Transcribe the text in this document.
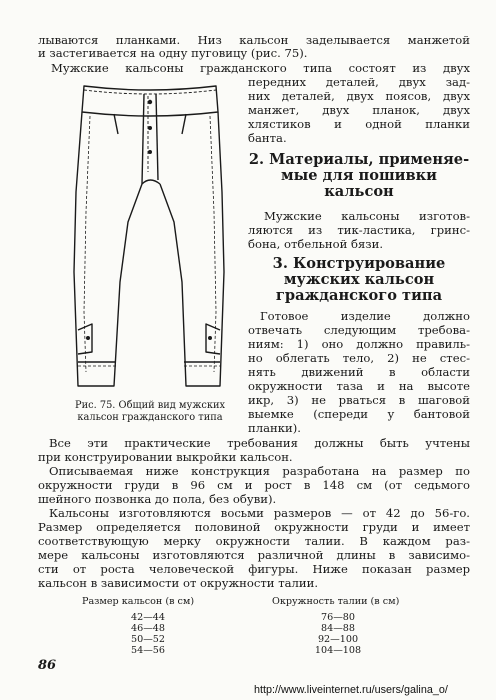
лываются планками. Низ кальсон заделывается манжетой
и застегивается на одну пуговицу (рис. 75).
Мужские кальсоны гражданского типа состоят из двух
передних деталей, двух зад-
них деталей, двух поясов, двух
манжет, двух планок, двух
хлястиков и одной планки
банта.
Рис. 75. Общий вид мужских
кальсон гражданского типа
2. Материалы, применяе-
мые для пошивки
кальсон
Мужские кальсоны изготов-
ляются из тик-ластика, гринс-
бона, отбельной бязи.
3. Конструирование
мужских кальсон
гражданского типа
Готовое изделие должно
отвечать следующим требова-
ниям: 1) оно должно правиль-
но облегать тело, 2) не стес-
нять движений в области
окружности таза и на высоте
икр, 3) не рваться в шаговой
выемке (спереди у бантовой
планки).
Все эти практические требования должны быть учтены
при конструировании выкройки кальсон.
Описываемая ниже конструкция разработана на размер по
окружности груди в 96 см и рост в 148 см (от седьмого
шейного позвонка до пола, без обуви).
Кальсоны изготовляются восьми размеров — от 42 до 56-го.
Размер определяется половиной окружности груди и имеет
соответствующую мерку окружности талии. В каждом раз-
мере кальсоны изготовляются различной длины в зависимо-
сти от роста человеческой фигуры. Ниже показан размер
кальсон в зависимости от окружности талии.
Размер кальсон (в см)	Окружность талии (в см)
42—44	76—80
46—48	84—88
50—52	92—100
54—56	104—108
86
http://www.liveinternet.ru/users/galina_o/
